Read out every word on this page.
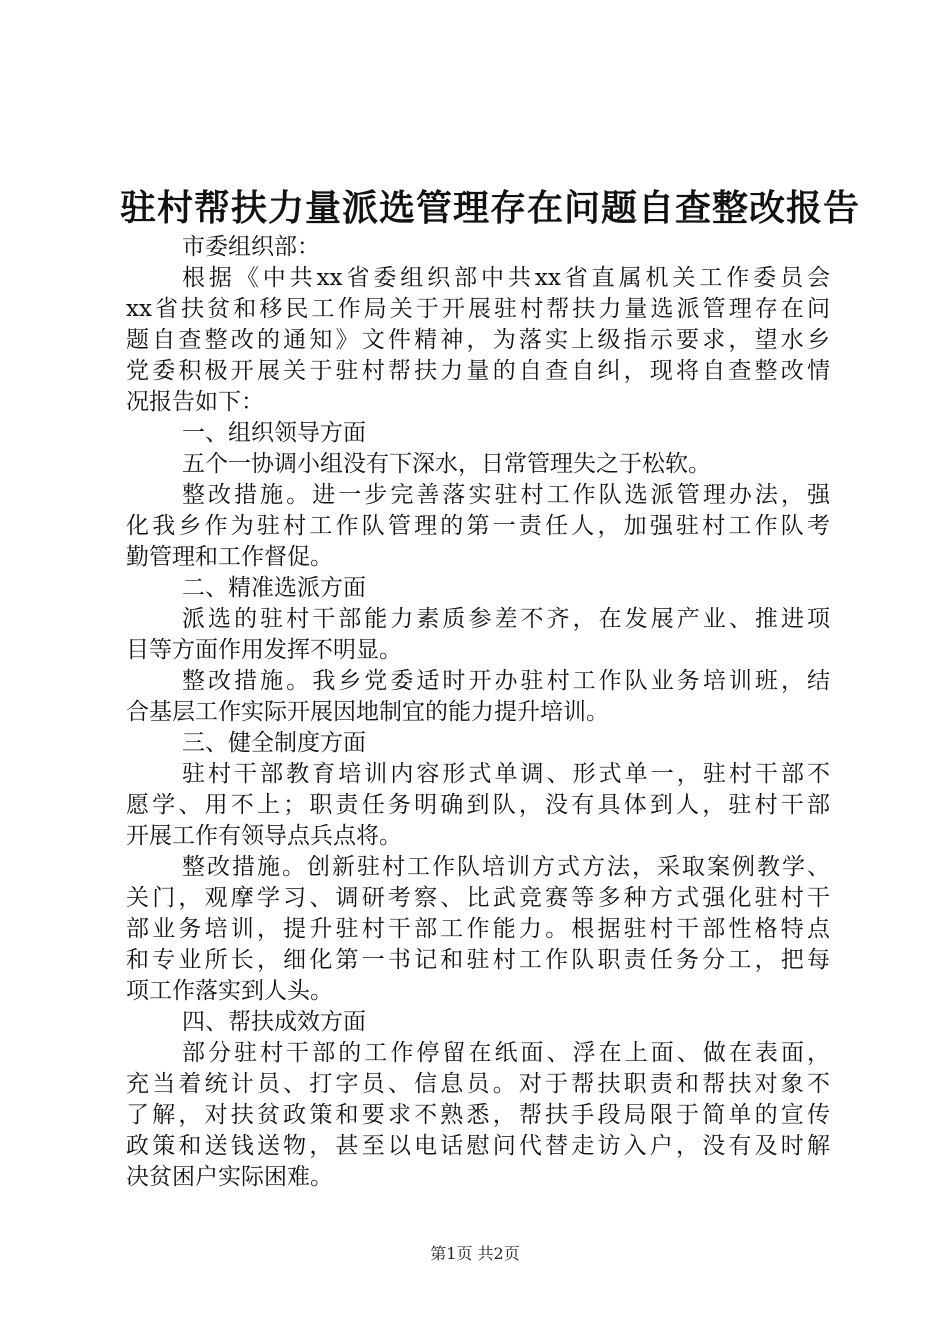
驻村帮扶力量派选管理存在问题自查整改报告
市委组织部：
根据《中共xx省委组织部中共xx省直属机关工作委员会
xx省扶贫和移民工作局关于开展驻村帮扶力量选派管理存在问
题自查整改的通知》文件精神，为落实上级指示要求，望水乡
党委积极开展关于驻村帮扶力量的自查自纠，现将自查整改情
况报告如下：
一、组织领导方面
五个一协调小组没有下深水，日常管理失之于松软。
整改措施。进一步完善落实驻村工作队选派管理办法，强
化我乡作为驻村工作队管理的第一责任人，加强驻村工作队考
勤管理和工作督促。
二、精准选派方面
派选的驻村干部能力素质参差不齐，在发展产业、推进项
目等方面作用发挥不明显。
整改措施。我乡党委适时开办驻村工作队业务培训班，结
合基层工作实际开展因地制宜的能力提升培训。
三、健全制度方面
驻村干部教育培训内容形式单调、形式单一，驻村干部不
愿学、用不上；职责任务明确到队，没有具体到人，驻村干部
开展工作有领导点兵点将。
整改措施。创新驻村工作队培训方式方法，采取案例教学、
关门，观摩学习、调研考察、比武竞赛等多种方式强化驻村干
部业务培训，提升驻村干部工作能力。根据驻村干部性格特点
和专业所长，细化第一书记和驻村工作队职责任务分工，把每
项工作落实到人头。
四、帮扶成效方面
部分驻村干部的工作停留在纸面、浮在上面、做在表面，
充当着统计员、打字员、信息员。对于帮扶职责和帮扶对象不
了解，对扶贫政策和要求不熟悉，帮扶手段局限于简单的宣传
政策和送钱送物，甚至以电话慰问代替走访入户，没有及时解
决贫困户实际困难。
第1页 共2页
